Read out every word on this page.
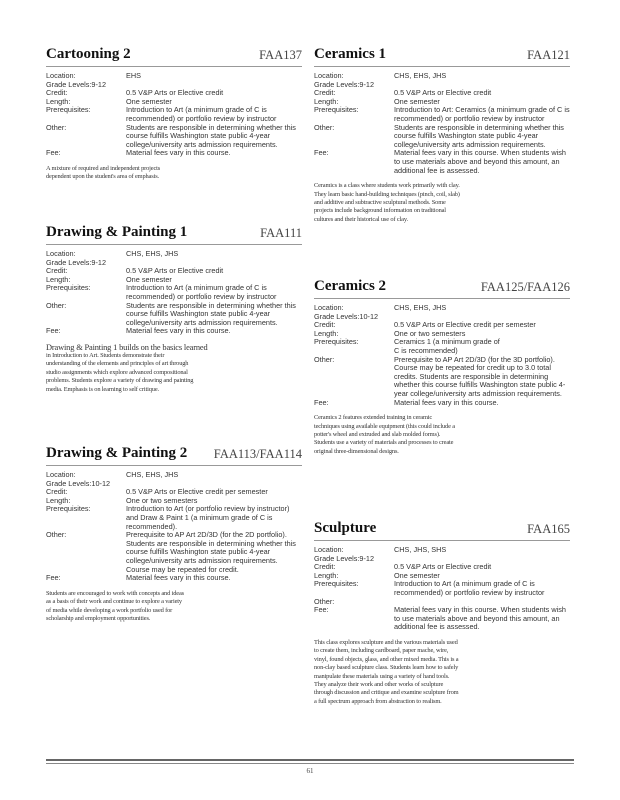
Cartooning 2	FAA137
Location:	EHS
Grade Levels:9-12
Credit:	0.5 V&P Arts or Elective credit
Length:	One semester
Prerequisites:	Introduction to Art (a minimum grade of C is recommended) or portfolio review by instructor
Other:	Students are responsible in determining whether this course fulfills Washington state public 4-year college/university arts admission requirements.
Fee:	Material fees vary in this course.
A mixture of required and independent projects dependent upon the student's area of emphasis.
Drawing & Painting 1	FAA111
Location:	CHS, EHS, JHS
Grade Levels:9-12
Credit:	0.5 V&P Arts or Elective credit
Length:	One semester
Prerequisites:	Introduction to Art (a minimum grade of C is recommended) or portfolio review by instructor
Other:	Students are responsible in determining whether this course fulfills Washington state public 4-year college/university arts admission requirements.
Fee:	Material fees vary in this course.
Drawing & Painting 1 builds on the basics learned
in Introduction to Art. Students demonstrate their understanding of the elements and principles of art through studio assignments which explore advanced compositional problems. Students explore a variety of drawing and painting media. Emphasis is on learning to self critique.
Drawing & Painting 2 FAA113/FAA114
Location:	CHS, EHS, JHS
Grade Levels:10-12
Credit:	0.5 V&P Arts or Elective credit per semester
Length:	One or two semesters
Prerequisites:	Introduction to Art (or portfolio review by instructor) and Draw & Paint 1 (a minimum grade of C is recommended).
Other:	Prerequisite to AP Art 2D/3D (for the 2D portfolio). Students are responsible in determining whether this course fulfills Washington state public 4-year college/university arts admission requirements. Course may be repeated for credit.
Fee:	Material fees vary in this course.
Students are encouraged to work with concepts and ideas as a basis of their work and continue to explore a variety of media while developing a work portfolio used for scholarship and employment opportunities.
Ceramics 1	FAA121
Location:	CHS, EHS, JHS
Grade Levels:9-12
Credit:	0.5 V&P Arts or Elective credit
Length:	One semester
Prerequisites:	Introduction to Art: Ceramics (a minimum grade of C is recommended) or portfolio review by instructor
Other:	Students are responsible in determining whether this course fulfills Washington state public 4-year college/university arts admission requirements.
Fee:	Material fees vary in this course. When students wish to use materials above and beyond this amount, an additional fee is assessed.
Ceramics is a class where students work primarily with clay. They learn basic hand-building techniques (pinch, coil, slab) and additive and subtractive sculptural methods. Some projects include background information on traditional cultures and their historical use of clay.
Ceramics 2	FAA125/FAA126
Location:	CHS, EHS, JHS
Grade Levels:10-12
Credit:	0.5 V&P Arts or Elective credit per semester
Length:	One or two semesters
Prerequisites:	Ceramics 1 (a minimum grade of C is recommended)
Other:	Prerequisite to AP Art 2D/3D (for the 3D portfolio). Course may be repeated for credit up to 3.0 total credits. Students are responsible in determining whether this course fulfills Washington state public 4-year college/university arts admission requirements.
Fee:	Material fees vary in this course.
Ceramics 2 features extended training in ceramic techniques using available equipment (this could include a potter's wheel and extruded and slab molded forms). Students use a variety of materials and processes to create original three-dimensional designs.
Sculpture	FAA165
Location:	CHS, JHS, SHS
Grade Levels:9-12
Credit:	0.5 V&P Arts or Elective credit
Length:	One semester
Prerequisites:	Introduction to Art (a minimum grade of C is recommended) or portfolio review by instructor
Other:
Fee:	Material fees vary in this course. When students wish to use materials above and beyond this amount, an additional fee is assessed.
This class explores sculpture and the various materials used to create them, including cardboard, paper mache, wire, vinyl, found objects, glass, and other mixed media. This is a non-clay based sculpture class. Students learn how to safely manipulate these materials using a variety of hand tools. They analyze their work and other works of sculpture through discussion and critique and examine sculpture from a full spectrum approach from abstraction to realism.
61
